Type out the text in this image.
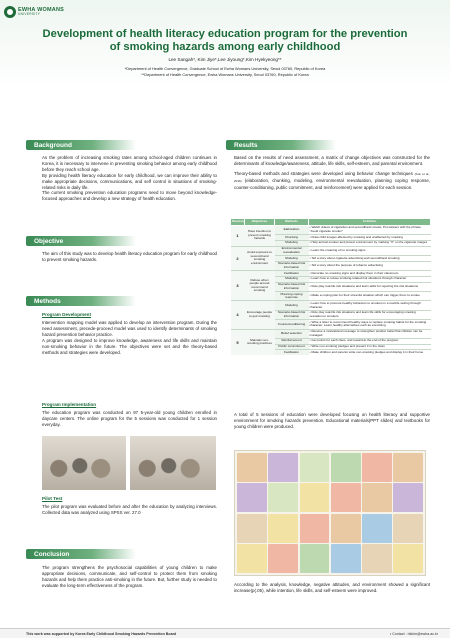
EWHA WOMANS
UNIVERSITY
Development of health literacy education program for the prevention of smoking hazards among early childhood
Lee Sangah*, Kim Jiye*,Lee Jiyoung*,Kim Hyekyeong**
*Department of Health Convergence, Graduate School of Ewha Womans University, Seoul 03760, Republic of Korea
**Department of Health Convergence, Ewha Womans University, Seoul 03760, Republic of Korea
Background

As the problem of increasing smoking rates among school-aged children continues in Korea, it is necessary to intervene in preventing smoking behavior among early childhood before they reach school age.

By providing health literacy education for early childhood, we can improve their ability to make appropriate decisions, communications, and self control in situations of smoking-related risks in daily life.

The current smoking prevention education programs need to move beyond knowledge-focused approaches and develop a new strategy of health education.

Objective

The aim of this study was to develop health literacy education program for early childhood to prevent smoking hazards.

Methods
Program Development

Intervention mapping model was applied to develop an intervention program. During the need assessment, precede-proceed model was used to identify determinants of smoking hazard prevention behavior practice.

A program was designed to improve knowledge, awareness and life skills and maintain non-smoking behavior in the future. The objectives were set and the theory-based methods and strategies were developed.

Program Implementation

The education program was conducted on 97 5-year-old young children enrolled in daycare centers. The online program for the 5 sessions was conducted for 1 session everyday.

Pilot Test

The pilot program was evaluated before and after the education by analyzing interviews. Collected data was analyzed using SPSS ver. 27.0

Conclusion

The program strengthens the psychosocial capabilities of young children to make appropriate decisions, communicate, and self-control to protect them from smoking hazards and help them practice anti-smoking in the future. But, further study is needed to evaluate the long-term effectiveness of the program.

Results

Based on the results of need assessment, a matrix of change objectives was constructed for the determinants of knowledge/awareness, attitude, life skills, self-esteem, and parental environment.

Theory-based methods and strategies were developed using behavior change techniques (Kok et al., 2016) (elaboration, chunking, modeling, environmental reevaluation, planning coping response, counter-conditioning, public commitment, and reinforcement) were applied for each session.

Session	Objectives	Methods	Activities
1	Have intention to prevent smoking hazards	Elaboration	• Watch videos of cigarettes and secondhand smoke. Put stickers with the phrase "Avoid cigarette smoke!"
		Chunking	• Draw child images affected by smoking and unaffected by smoking
		Modeling	• Help animal smoker and protect environment by marking "X" on the cigarette images
2	Avoid exposure to second-hand smoking environment	Environmental reevaluation	• Learn the meaning of no smoking signs
		Modeling	• Tell a story about cigarette advertising and secondhand smoking
		Scenario-based risk information	• Tell a story about the purpose of tobacco advertising
3	Refuse when people around recommend smoking	Facilitation	• Decorate no-smoking signs and display them in their classroom
		Modeling	• Learn how to refuse smoking-related risk situations through character
		Scenario-based risk information	• Role play real-life risk situations and learn skills for rejecting the risk situations
		Planning coping response	• Make a coping plan for their stressful situation which can trigger them to smoke
4	Encourage people to quit smoking	Modeling	• Learn how to promote healthy behaviors to smokers in a real-life setting through character
		Scenario-based risk information	• Role play real-life risk situations and learn life skills for encouraging smoking cessation to smokers
		Counterconditioning	• Write a letter to recommend healthy ways to replace smoking habits for the smoking character. Learn healthy alternatives such as exercising
5	Maintain non-smoking practices	Belief selection	• Receive a motivational message to strengthen positive belief that children can be managed
		Reinforcement	• Get points for each class, and reward at the end of the program
		Public commitment	• Write non-smoking pledges and present it in the class
		Facilitation	• Make children and parents write non-smoking pledges and display it in their home

A total of 5 sessions of education were developed focusing on health literacy and supportive environment for smoking hazards prevention. Educational materials(PPT slides) and textbooks for young children were produced.

According to the analysis, knowledge, negative attitudes, and environment showed a significant increase(p(.05), while intention, life skills, and self-esteem were improved.

This work was supported by Korea Early Childhood Smoking Hazards Prevention Board	• Contact : hkkim@ewha.ac.kr
